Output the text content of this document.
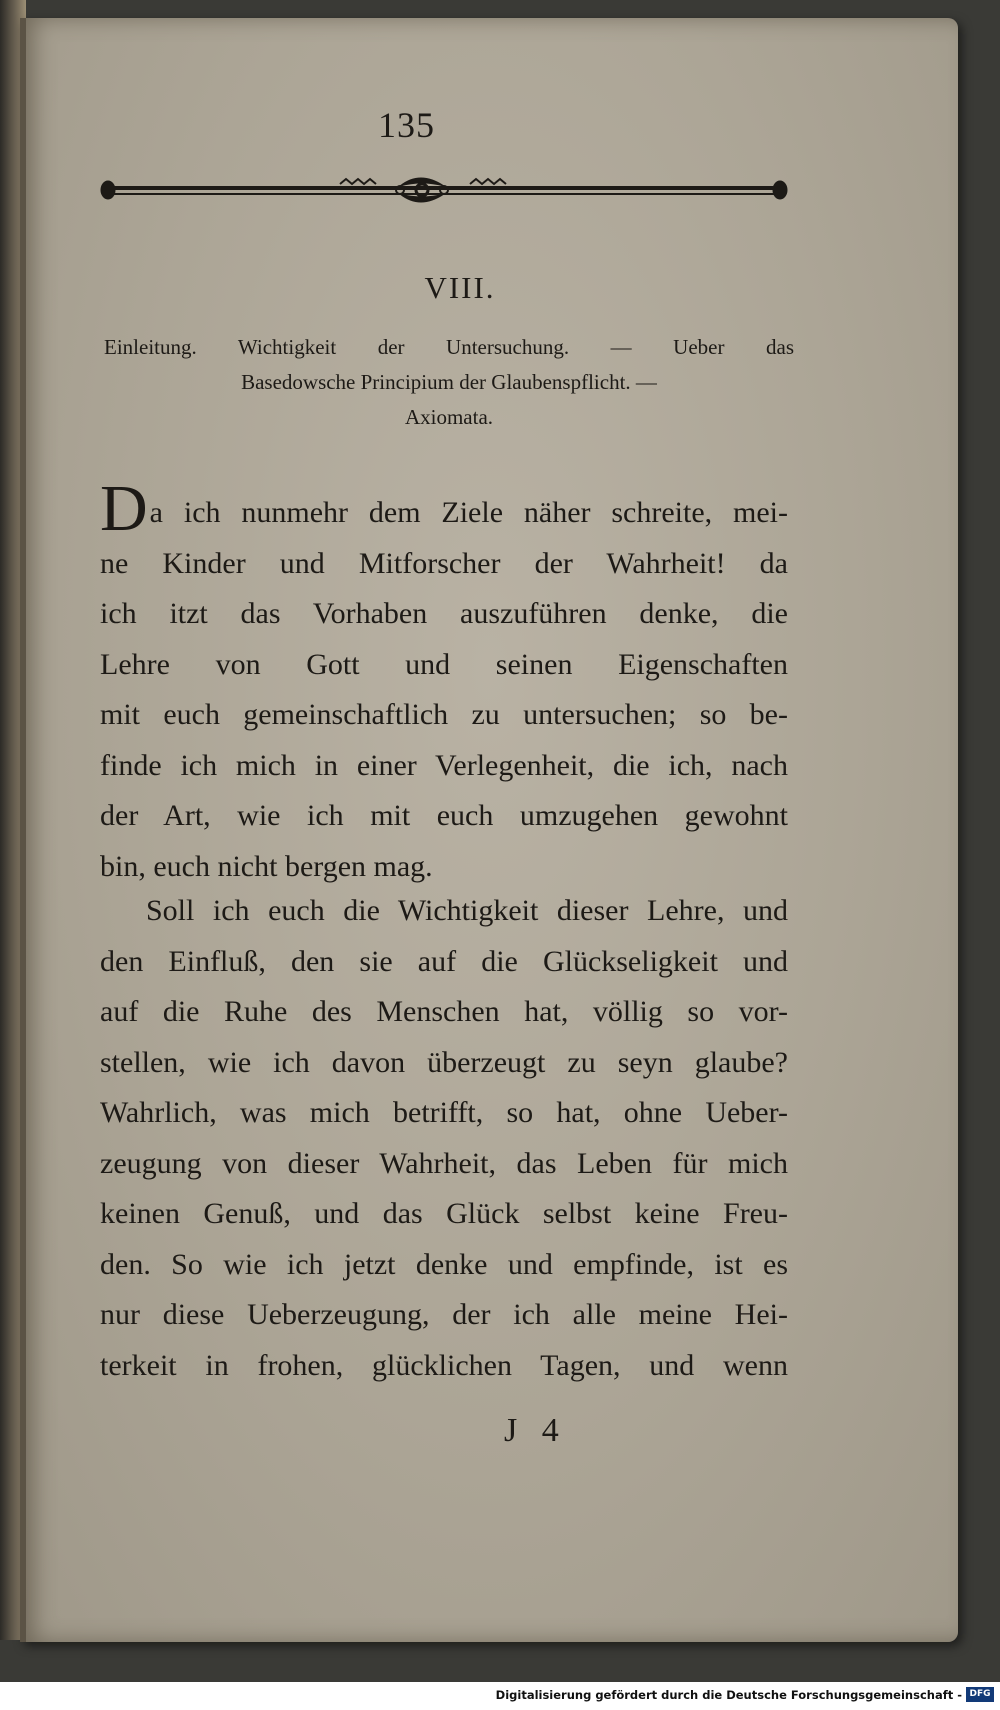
135
VIII.
Einleitung. Wichtigkeit der Untersuchung. — Ueber das
Basedowsche Principium der Glaubenspflicht. —
Axiomata.
Da ich nunmehr dem Ziele näher schreite, mei-
ne Kinder und Mitforscher der Wahrheit! da
ich itzt das Vorhaben auszuführen denke, die
Lehre von Gott und seinen Eigenschaften
mit euch gemeinschaftlich zu untersuchen; so be-
finde ich mich in einer Verlegenheit, die ich, nach
der Art, wie ich mit euch umzugehen gewohnt
bin, euch nicht bergen mag.
Soll ich euch die Wichtigkeit dieser Lehre, und
den Einfluß, den sie auf die Glückseligkeit und
auf die Ruhe des Menschen hat, völlig so vor-
stellen, wie ich davon überzeugt zu seyn glaube?
Wahrlich, was mich betrifft, so hat, ohne Ueber-
zeugung von dieser Wahrheit, das Leben für mich
keinen Genuß, und das Glück selbst keine Freu-
den. So wie ich jetzt denke und empfinde, ist es
nur diese Ueberzeugung, der ich alle meine Hei-
terkeit in frohen, glücklichen Tagen, und wenn
J 4
Digitalisierung gefördert durch die Deutsche Forschungsgemeinschaft - DFG
